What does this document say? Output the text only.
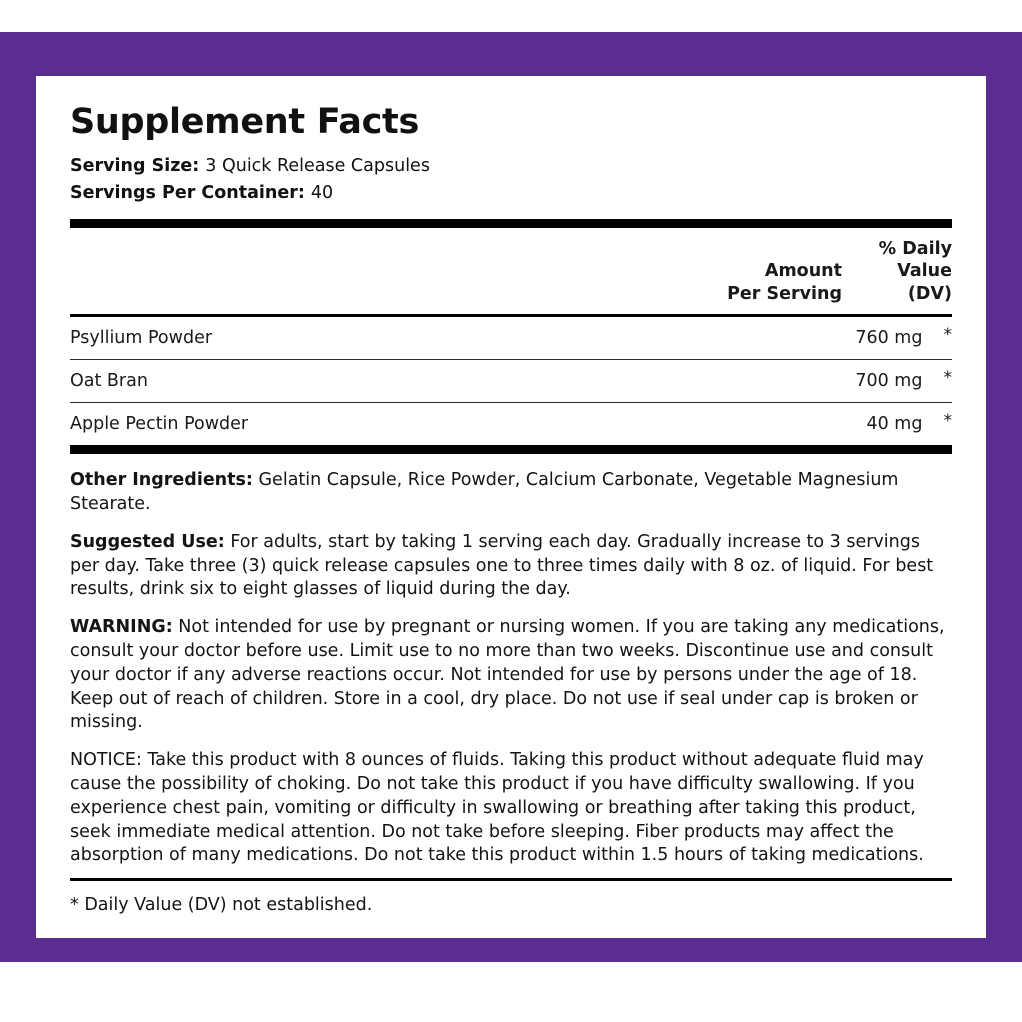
Supplement Facts
Serving Size: 3 Quick Release Capsules
Servings Per Container: 40

Amount
Per Serving

% Daily
Value
(DV)
Psyllium Powder	760 mg	*

Oat Bran	700 mg	*

Apple Pectin Powder	40 mg	*
Other Ingredients: Gelatin Capsule, Rice Powder, Calcium Carbonate, Vegetable Magnesium Stearate.
Suggested Use: For adults, start by taking 1 serving each day. Gradually increase to 3 servings per day. Take three (3) quick release capsules one to three times daily with 8 oz. of liquid. For best results, drink six to eight glasses of liquid during the day.
WARNING: Not intended for use by pregnant or nursing women. If you are taking any medications, consult your doctor before use. Limit use to no more than two weeks. Discontinue use and consult your doctor if any adverse reactions occur. Not intended for use by persons under the age of 18. Keep out of reach of children. Store in a cool, dry place. Do not use if seal under cap is broken or missing.
NOTICE: Take this product with 8 ounces of fluids. Taking this product without adequate fluid may cause the possibility of choking. Do not take this product if you have difficulty swallowing. If you experience chest pain, vomiting or difficulty in swallowing or breathing after taking this product, seek immediate medical attention. Do not take before sleeping. Fiber products may affect the absorption of many medications. Do not take this product within 1.5 hours of taking medications.
* Daily Value (DV) not established.
